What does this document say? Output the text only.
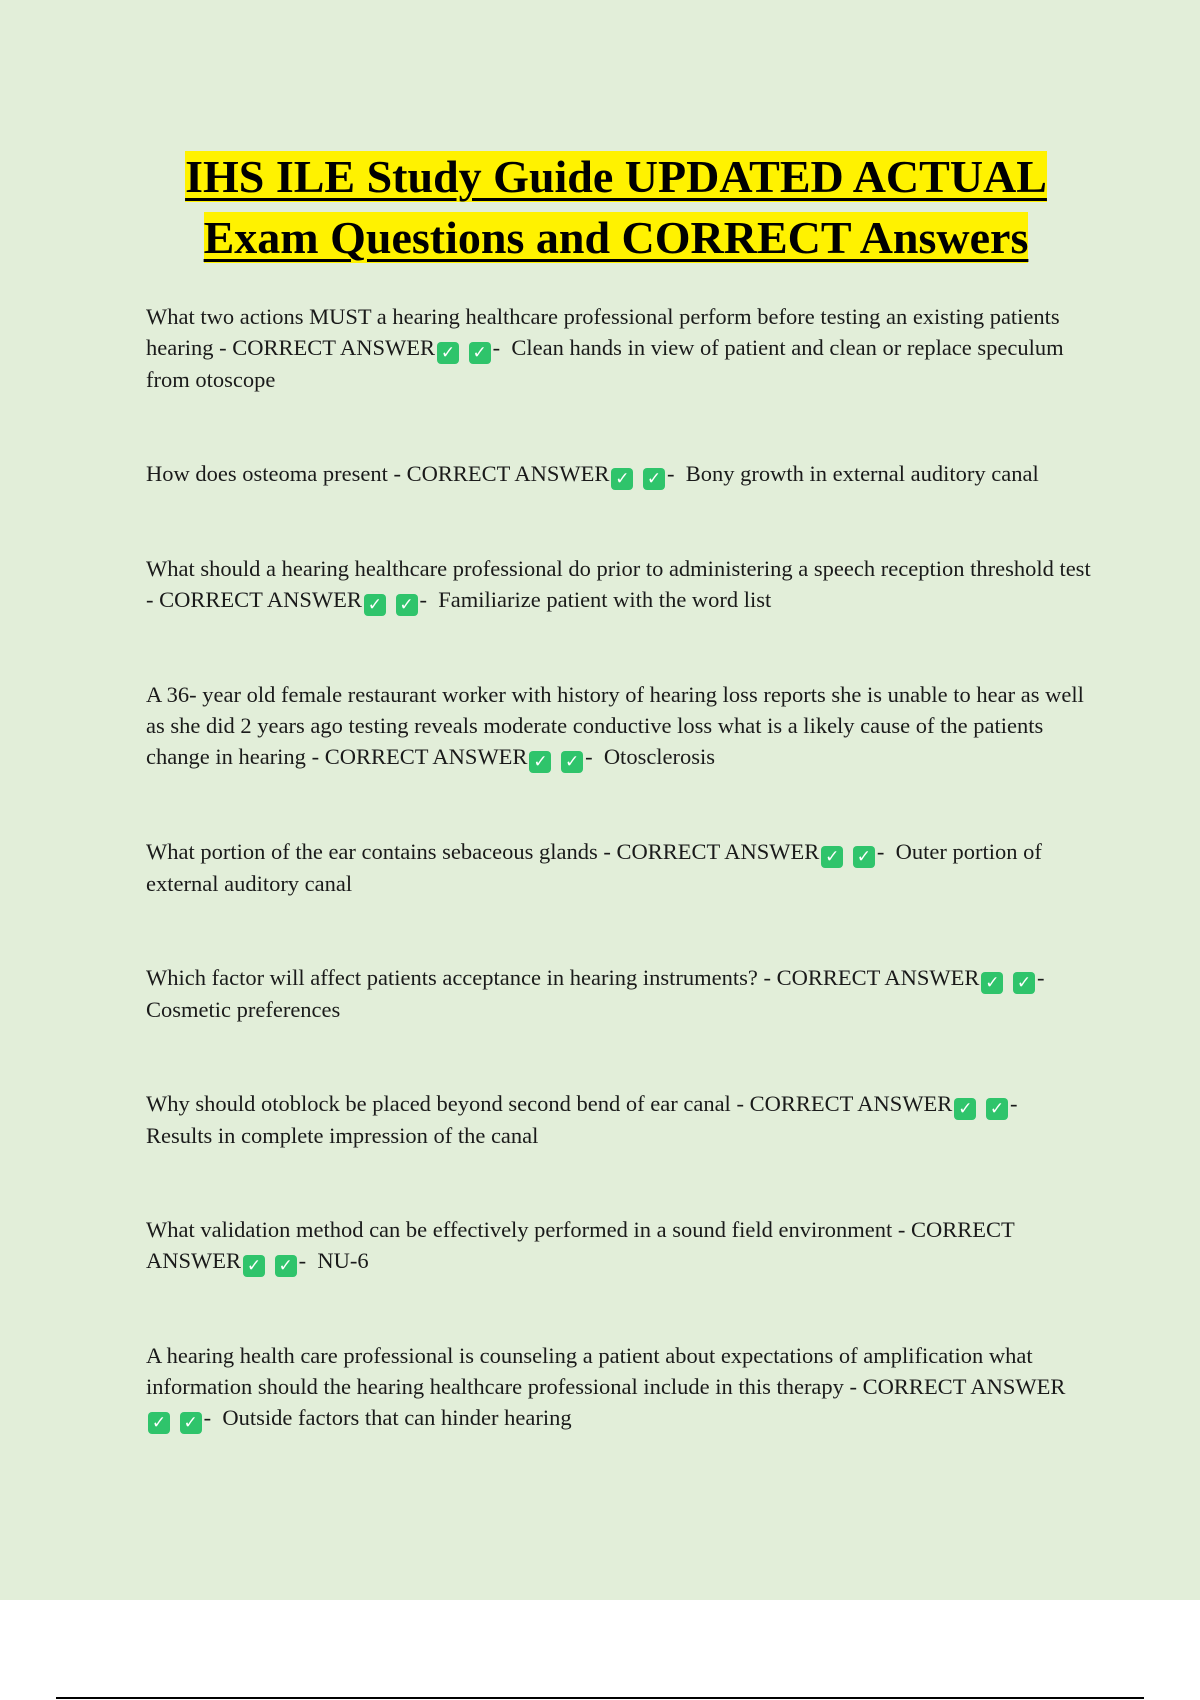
IHS ILE Study Guide UPDATED ACTUAL
Exam Questions and CORRECT Answers

What two actions MUST a hearing healthcare professional perform before testing an existing patients hearing - CORRECT ANSWER ✓ ✓ -  Clean hands in view of patient and clean or replace speculum from otoscope

How does osteoma present - CORRECT ANSWER ✓ ✓ -  Bony growth in external auditory canal

What should a hearing healthcare professional do prior to administering a speech reception threshold test - CORRECT ANSWER ✓ ✓ -  Familiarize patient with the word list

A 36- year old female restaurant worker with history of hearing loss reports she is unable to hear as well as she did 2 years ago testing reveals moderate conductive loss what is a likely cause of the patients change in hearing - CORRECT ANSWER ✓ ✓ -  Otosclerosis

What portion of the ear contains sebaceous glands - CORRECT ANSWER ✓ ✓ -  Outer portion of external auditory canal

Which factor will affect patients acceptance in hearing instruments? - CORRECT ANSWER ✓ ✓ -  Cosmetic preferences

Why should otoblock be placed beyond second bend of ear canal - CORRECT ANSWER ✓ ✓ -  Results in complete impression of the canal

What validation method can be effectively performed in a sound field environment - CORRECT ANSWER ✓ ✓ -  NU-6

A hearing health care professional is counseling a patient about expectations of amplification what information should the hearing healthcare professional include in this therapy - CORRECT ANSWER✓ ✓ -  Outside factors that can hinder hearing
